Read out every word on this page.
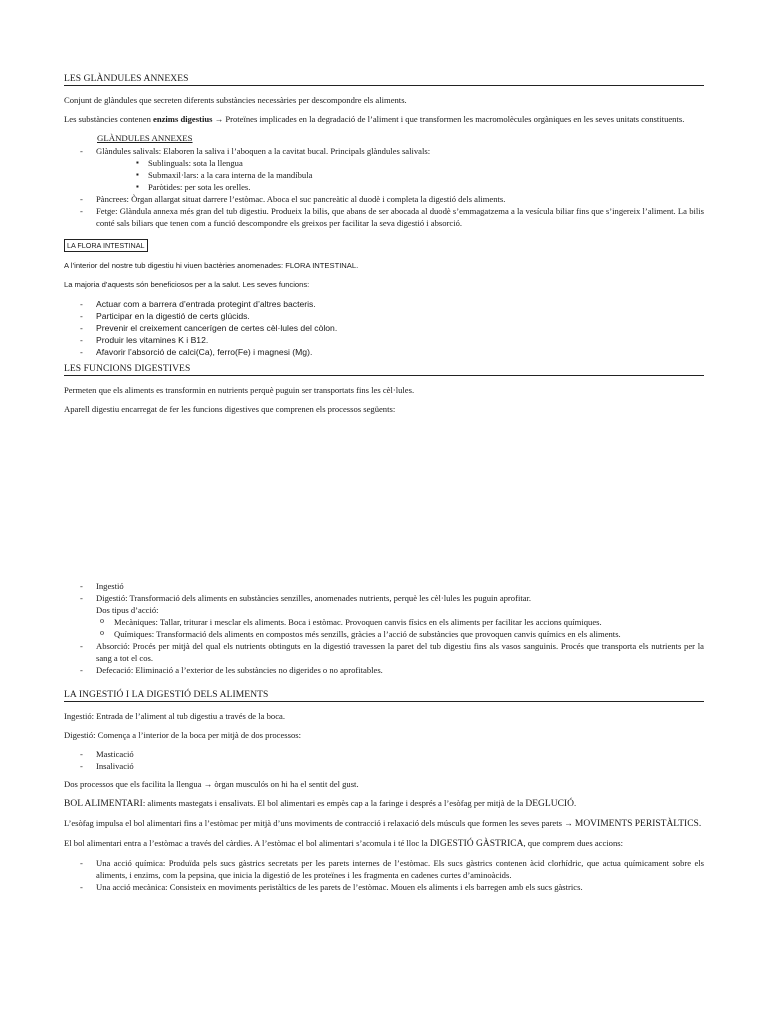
LES GLÀNDULES ANNEXES

Conjunt de glàndules que secreten diferents substàncies necessàries per descompondre els aliments.

Les substàncies contenen enzims digestius → Proteïnes implicades en la degradació de l’aliment i que transformen les macromolècules orgàniques en les seves unitats constituents.

GLÀNDULES ANNEXES
- Glàndules salivals: Elaboren la saliva i l’aboquen a la cavitat bucal. Principals glàndules salivals:
▪ Sublinguals: sota la llengua
▪ Submaxil·lars: a la cara interna de la mandíbula
▪ Paròtides: per sota les orelles.
- Pàncrees: Òrgan allargat situat darrere l’estòmac. Aboca el suc pancreàtic al duodè i completa la digestió dels aliments.
- Fetge: Glàndula annexa més gran del tub digestiu. Produeix la bilis, que abans de ser abocada al duodè s’emmagatzema a la vesícula biliar fins que s’ingereix l’aliment. La bilis conté sals biliars que tenen com a funció descompondre els greixos per facilitar la seva digestió i absorció.
LA FLORA INTESTINAL

A l’interior del nostre tub digestiu hi viuen bactèries anomenades: FLORA INTESTINAL.

La majoria d’aquests són beneficiosos per a la salut. Les seves funcions:

- Actuar com a barrera d’entrada protegint d’altres bacteris.
- Participar en la digestió de certs glúcids.
- Prevenir el creixement cancerígen de certes cèl·lules del còlon.
- Produir les vitamines K i B12.
- Afavorir l’absorció de calci(Ca), ferro(Fe) i magnesi (Mg).
LES FUNCIONS DIGESTIVES

Permeten que els aliments es transformin en nutrients perquè puguin ser transportats fins les cèl·lules.

Aparell digestiu encarregat de fer les funcions digestives que comprenen els processos següents:

- Ingestió
- Digestió: Transformació dels aliments en substàncies senzilles, anomenades nutrients, perquè les cèl·lules les puguin aprofitar.
Dos tipus d’acció:
o Mecàniques: Tallar, triturar i mesclar els aliments. Boca i estòmac. Provoquen canvis físics en els aliments per facilitar les accions químiques.
o Químiques: Transformació dels aliments en compostos més senzills, gràcies a l’acció de substàncies que provoquen canvis químics en els aliments.
- Absorció: Procés per mitjà del qual els nutrients obtinguts en la digestió travessen la paret del tub digestiu fins als vasos sanguinis. Procés que transporta els nutrients per la sang a tot el cos.
- Defecació: Eliminació a l’exterior de les substàncies no digerides o no aprofitables.
LA INGESTIÓ I LA DIGESTIÓ DELS ALIMENTS

Ingestió: Entrada de l’aliment al tub digestiu a través de la boca.

Digestió: Comença a l’interior de la boca per mitjà de dos processos:

- Masticació
- Insalivació

Dos processos que els facilita la llengua → òrgan musculós on hi ha el sentit del gust.

BOL ALIMENTARI: aliments mastegats i ensalivats. El bol alimentari es empès cap a la faringe i després a l’esòfag per mitjà de la DEGLUCIÓ.

L’esòfag impulsa el bol alimentari fins a l’estòmac per mitjà d’uns moviments de contracció i relaxació dels músculs que formen les seves parets → MOVIMENTS PERISTÀLTICS.

El bol alimentari entra a l’estòmac a través del càrdies. A l’estòmac el bol alimentari s’acomula i té lloc la DIGESTIÓ GÀSTRICA, que comprem dues accions:

- Una acció química: Produïda pels sucs gàstrics secretats per les parets internes de l’estòmac. Els sucs gàstrics contenen àcid clorhídric, que actua químicament sobre els aliments, i enzims, com la pepsina, que inicia la digestió de les proteïnes i les fragmenta en cadenes curtes d’aminoàcids.
- Una acció mecànica: Consisteix en moviments peristàltics de les parets de l’estòmac. Mouen els aliments i els barregen amb els sucs gàstrics.
